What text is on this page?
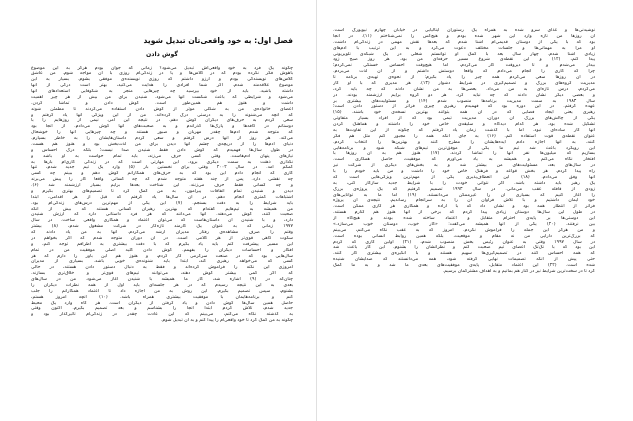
فصل اول: به خود واقعی‌تان تبدیل شوید
گوش دادن
چگونه یک فرد به خود واقعی‌اش تبدیل می‌شود؟ زمانی که جوان بودم هرگز به این موضوع
باهوش فکر نکرده بودم که در کلاس‌ها و یا در زندگی‌ام روزی با آن مواجه شوم. من عاشق
کلاس‌های نویسندگی بودم و آرزو داشتم که روزی نویسنده‌ی موفقی بشوم. بسیار به این
موضوع علاقه‌مند شدم. اگر شما افرادی را هدایت می‌کنید، بهتر است درکی از آنها
داشته باشید. باید از خود بپرسید چه چیزهایی منجر به شکوفایی استعدادهای آنها
می‌شود و شرایطی که باعث شکست آنها می‌شود. شنیدن برای من بیش از هر چیز اهمیت
داشت و هنوز هم همین‌طور است. گوش دادن و تماشا کردن.
اعضای خانواده‌ی من به شکلی موثر از گوش دادن استفاده می‌کردند تا مطمئن شوند
که آنچه می‌شنوند را به درستی درک کرده‌اند. من از این ویژگی آنها یاد گرفتم و
سعی کردم به حرف‌های دیگران گوش دهم. در نتیجه این امر، نیمی از روزهایم را با
دوستانم در کافه‌ها و پارک‌ها گذراندم و به صحبت‌های آنها گوش می‌دادم. از آنجا بود
که متوجه شدم آدم‌ها چقدر مهربان و صبور هستند و چه چیزهایی آنها را خوشحال
می‌کند. هر روز از آنها درس گرفتم و سعی کردم داستان‌هایشان را به خاطر بسپارم.
دنیای آدم‌ها را از دریچه‌ی چشم آنها دیدن برای من لذت‌بخش بود و هنوز هم هست.
در طول سال‌ها فهمیدم که گوش دادن فقط شنیدن صدا نیست؛ بلکه درک احساس و
نیازهای پنهان آدم‌هاست. وقتی کسی حرف می‌زند، باید تمام حواست به او باشد و
نگذاری ذهنت به سمت دیگری برود. این مهارتی است که در زندگی کاری‌ام بارها به
کمکم آمد. در سال ۲۰۰۲ وقتی برای نخستین بار (۵) وارد یک تیم جدید شدم، تنها
کاری که انجام دادم این بود که به حرف‌های همکارانم گوش دهم و ببینم چه کسی
چه نقشی دارد. پس از چند هفته متوجه شدم که چه کسانی واقعاً کار را پیش می‌برند
و چه کسانی فقط حرف می‌زنند. این شناخت بعدها برایم بسیار ارزشمند شد (۶).
دیدن و شنیدن تمام اتفاقات پیرامون، به من کمک کرد تا تصمیم‌های بهتری بگیرم و
اشتباهات کمتری انجام دهم. در آن سال‌ها یاد گرفتم که قبل از هر اقدامی، ابتدا
باید شرایط را به دقت بسنجم. (۷) این یکی از مهم‌ترین درس‌های زندگی‌ام بود.
من همیشه به تیم‌هایم گفته‌ام که بهترین رهبران کسانی هستند که بیش از آنکه
صحبت کنند، گوش می‌دهند. آنها می‌دانند که هر فرد داستانی دارد که ارزش شنیدن
دارد، و با شنیدن آن داستان‌هاست که می‌توان اعتماد و همکاری واقعی ساخت. در سال
۱۹۷۷ زمانی که به عنوان یک کارمند تازه‌کار در شرکت مشغول شدم، (۸) بیشتر
وقتم را صرف مشاهده‌ی رفتار مدیران ارشد می‌کردم. آنها به من یاد دادند که
سکوت گاهی قوی‌تر از هر کلامی است. در آن دوران متوجه شدم که اگر بخواهم در
این مسیر پیشرفت کنم باید یاد بگیرم که با دقت بیشتری به اطرافم توجه کنم، و
افکار و احساسات دیگران را بفهمم. گوش دادن کلید اصلی موفقیت من در تمام
سال‌هایی بود که در صنعت سرگرمی کار کردم، و هنوز هم این باور را دارم که هر
کسی که می‌خواهد رهبری کند، ابتدا باید شنونده‌ی خوبی باشد. بسیاری از مدیران
امروزی این نکته را فراموش کرده‌اند و فقط به دنبال دستور دادن هستند، در حالی
که اگر کمی بیشتر گوش دهند، می‌توانند تیم‌های قوی‌تر و خلاق‌تری بسازند.
چنان‌که در (۹) اشاره شد، کار ما همیشه با شنیدن آغاز می‌شود. من در سال‌های
بعدی به این نتیجه رسیدم که در هر جلسه‌ای باید اول از همه نظرات دیگران را
بشنوم، سپس تصمیم بگیرم. این روش به من اجازه داد تا اعتماد همکارانم را جلب
کنم و برنامه‌هایمان با موفقیت بیشتری همراه باشد. (۱۰) آنچه امروز هستم،
حاصل همین سال‌ها گوش دادن و یاد گرفتن از دیگران است. هر گاه وارد یک محیط
جدید شدم، تلاش کردم ابتدا آنجا را بشناسم و بعد تصمیم بگیرم. اکنون وقتی
به گذشته نگاه می‌کنم، می‌بینم که این عادت چقدر در زندگی‌ام تأثیرگذار بود و
چگونه به من کمک کرد تا خود واقعی‌ام را پیدا کنم و به آن تبدیل شوم.
نوشیدنی‌ها و غذای سرو شده به همراه یک رستوران ایتالیایی در خیابان چهارم نیویورک است.
آن روزها من تازه وارد این شهر شده بودم و هیچ‌کس را نمی‌شناختم (۱۱). در آنجا
بود که با یکی از دوستان قدیمی‌ام آشنا شدم که بعدها نقش مهمی در زندگی‌ام داشت.
او مرا به مهمانی‌ها و جلسات مختلف دعوت می‌کرد و به این ترتیب با آدم‌های
زیادی آشنا شدم. چهار سال بعد با کمک او توانستم شغلی در یک شبکه‌ی تلویزیونی
پیدا کنم، (۱۲) و این نقطه‌ی شروع مسیر حرفه‌ای من بود. هر روز صبح زود
بیدار می‌شدم و تا دیروقت کار می‌کردم، اما هیچ‌وقت احساس خستگی نمی‌کردم؛
چرا که کاری را انجام می‌دادم که واقعاً دوستش داشتم و از آن لذت می‌بردم.
در آن روزها سعی می‌کردم همه چیز را یاد بگیرم: از نحوه‌ی تهیه‌ی برنامه تا
مدیریت گروه‌های بزرگ و تصمیم‌گیری در شرایط دشوار (۱۳). هر مدیری که با او کار
می‌کردم، درس تازه‌ای به من می‌داد. بعضی‌ها به من نشان دادند که چه باید کرد،
و بعضی دیگر نشان دادند که چه نباید کرد. هر دو گروه برایم ارزشمند بودند. در
سال ۱۹۸۳ به سمت مدیریت برنامه‌ها منصوب شدم (۱۴) و مسئولیت‌های بیشتری بر
عهده گرفتم. در این دوره بود که فهمیدم رهبری چیزی فراتر از دستور دادن است؛
رهبری یعنی ایجاد فضایی که در آن همه بتوانند بهترین نسخه‌ی خود باشند. (۱۵)
یکی از چالش‌های بزرگ آن دوران، مدیریت تیمی بود که از افراد بسیار متفاوتی
تشکیل شده بود. هر کدام دیدگاه و سلیقه‌ی خاص خود را داشتند و هماهنگ کردن
آنها کار ساده‌ای نبود. اما با گذشت زمان یاد گرفتم که چگونه از این تفاوت‌ها به
عنوان نقطه‌ی قوت استفاده کنم. (۱۶) به جای آنکه همه را مجبور کنم مثل هم فکر
کنند، به آنها اجازه دادم ایده‌هایشان را مطرح کنند و بهترین‌ها را انتخاب کردم.
این رویکرد باعث شد تیم ما یکی از موفق‌ترین تیم‌های شبکه شود و برنامه‌هایی
بسازیم که میلیون‌ها نفر آنها را تماشا کردند. (۱۷) هنوز هم به آن روزها با
افتخار نگاه می‌کنم و همیشه به یاد می‌آورم که موفقیت، حاصل همکاری است.
در سال‌های بعد، مسئولیت‌های من بیشتر شد و به بخش‌های دیگری از شرکت نیز
راه پیدا کردم. هر بخش قواعد و فرهنگ خاص خود را داشت و من باید خودم را با
آنها وفق می‌دادم. (۱۸) این انعطاف‌پذیری یکی از مهم‌ترین ویژگی‌هایی است که
یک رهبر باید داشته باشد. اگر نتوانی خودت را با شرایط جدید سازگار کنی، به
زودی از قافله عقب می‌مانی. در سال ۱۹۹۳ تصمیم گرفتیم که یک پروژه‌ی بزرگ
را آغاز کنیم که بسیاری آن را غیرممکن می‌دانستند. (۱۹) اما ما به توانایی‌های
خود ایمان داشتیم و با تلاش فراوان آن را به سرانجام رساندیم. نتیجه‌ی آن پروژه
فراتر از انتظار همه بود و نشان داد که با اراده و همکاری هر کاری ممکن است.
در طول این سال‌ها دوستان زیادی پیدا کردم که برخی از آنها هنوز هم کنارم هستند.
این دوستی‌ها بر پایه‌ی احترام متقابل و اعتماد ساخته شده بودند و هیچ‌گاه از
بین نرفتند. (۲۰) یکی از آنها همیشه می‌گفت: «کار خوب، دوستان خوب می‌سازد.»
و من هرگز این جمله را فراموش نکردم. امروز که به عقب نگاه می‌کنم، می‌بینم
که بزرگ‌ترین دارایی من نه مقام و موقعیت، بلکه همین روابط انسانی بوده است.
در سال ۱۹۹۷ وقتی به عنوان رئیس بخش منصوب شدم، (۲۱) اولین کاری که کردم
این بود که با تک‌تک اعضای تیم صحبت کنم و نظراتشان را بشنوم. این کار باعث شد
که همه احساس کنند در تصمیم‌گیری‌ها سهیم هستند و با انگیزه‌ی بیشتری کار کنند.
حتی پیش از آنکه تصمیمات نهایی گرفته شود، همه می‌دانستند که صدایشان شنیده
شده است. (۲۲) این اعتماد متقابل، پایه‌ی موفقیت‌های بعدی ما شد و به ما کمک
کرد تا در سخت‌ترین شرایط نیز در کنار هم بمانیم و به اهداف مشترکمان برسیم.
